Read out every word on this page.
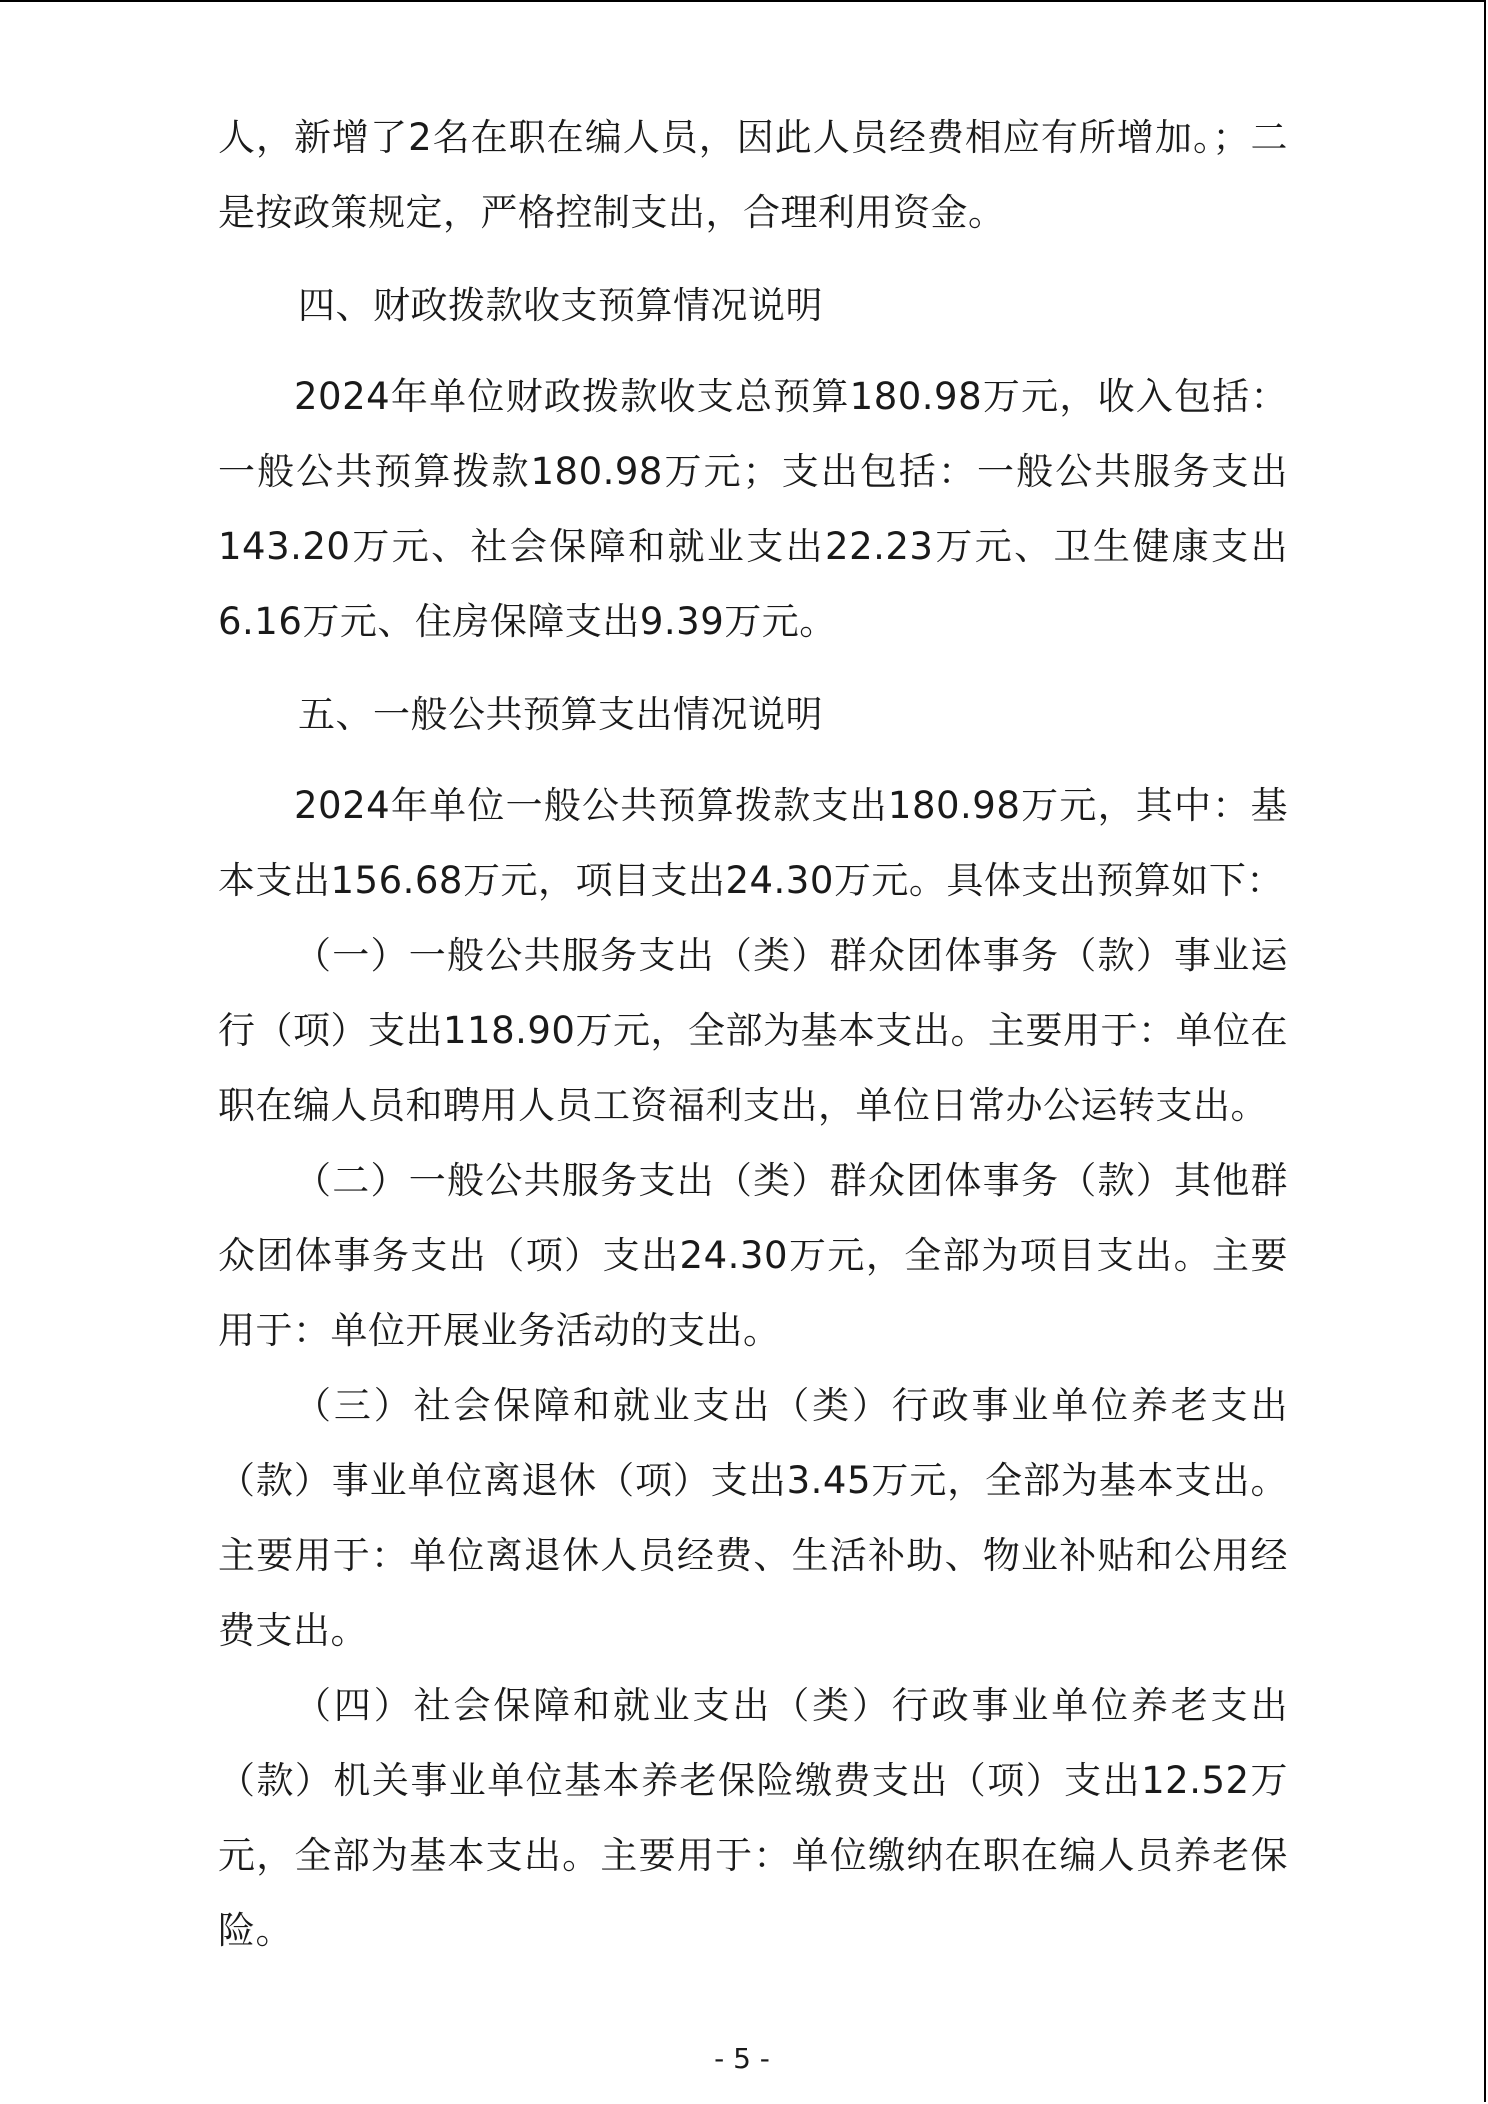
人，新增了2名在职在编人员，因此人员经费相应有所增加。；二是按政策规定，严格控制支出，合理利用资金。

四、财政拨款收支预算情况说明

2024年单位财政拨款收支总预算180.98万元，收入包括：一般公共预算拨款180.98万元；支出包括：一般公共服务支出143.20万元、社会保障和就业支出22.23万元、卫生健康支出6.16万元、住房保障支出9.39万元。

五、一般公共预算支出情况说明

2024年单位一般公共预算拨款支出180.98万元，其中：基本支出156.68万元，项目支出24.30万元。具体支出预算如下：

（一）一般公共服务支出（类）群众团体事务（款）事业运行（项）支出118.90万元，全部为基本支出。主要用于：单位在职在编人员和聘用人员工资福利支出，单位日常办公运转支出。

（二）一般公共服务支出（类）群众团体事务（款）其他群众团体事务支出（项）支出24.30万元，全部为项目支出。主要用于：单位开展业务活动的支出。

（三）社会保障和就业支出（类）行政事业单位养老支出（款）事业单位离退休（项）支出3.45万元，全部为基本支出。主要用于：单位离退休人员经费、生活补助、物业补贴和公用经费支出。

（四）社会保障和就业支出（类）行政事业单位养老支出（款）机关事业单位基本养老保险缴费支出（项）支出12.52万元，全部为基本支出。主要用于：单位缴纳在职在编人员养老保险。

- 5 -
